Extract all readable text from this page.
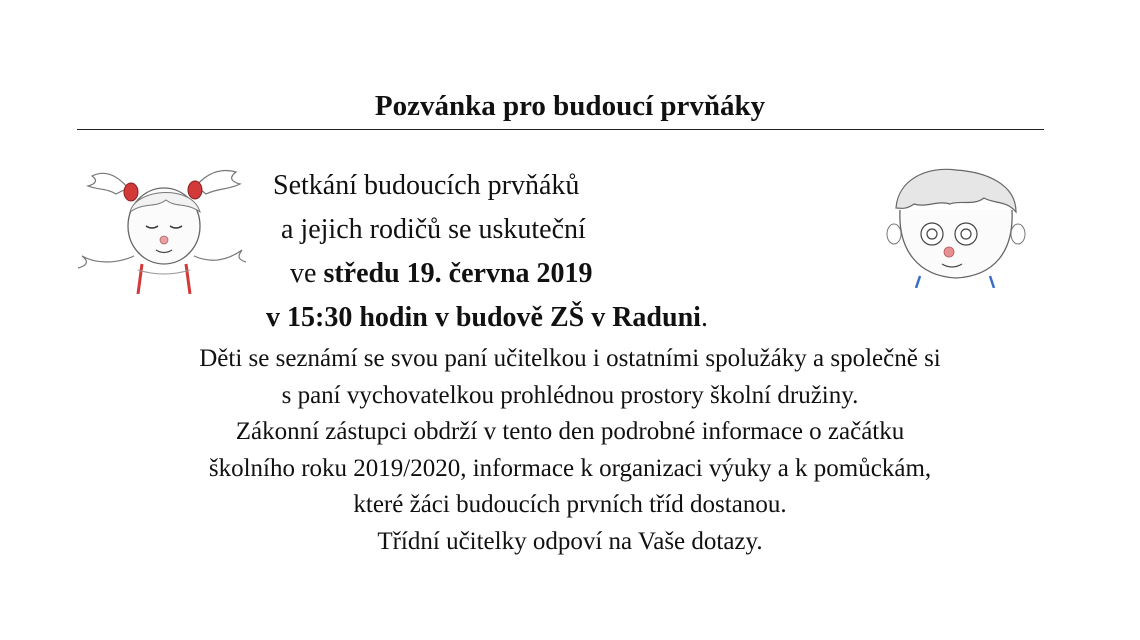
Pozvánka pro budoucí prvňáky
Setkání budoucích prvňáků
a jejich rodičů se uskuteční
ve středu 19. června 2019
v 15:30 hodin v budově ZŠ v Raduni.
Děti se seznámí se svou paní učitelkou i ostatními spolužáky a společně si
s paní vychovatelkou prohlédnou prostory školní družiny.
Zákonní zástupci obdrží v tento den podrobné informace o začátku
školního roku 2019/2020, informace k organizaci výuky a k pomůckám,
které žáci budoucích prvních tříd dostanou.
Třídní učitelky odpoví na Vaše dotazy.
